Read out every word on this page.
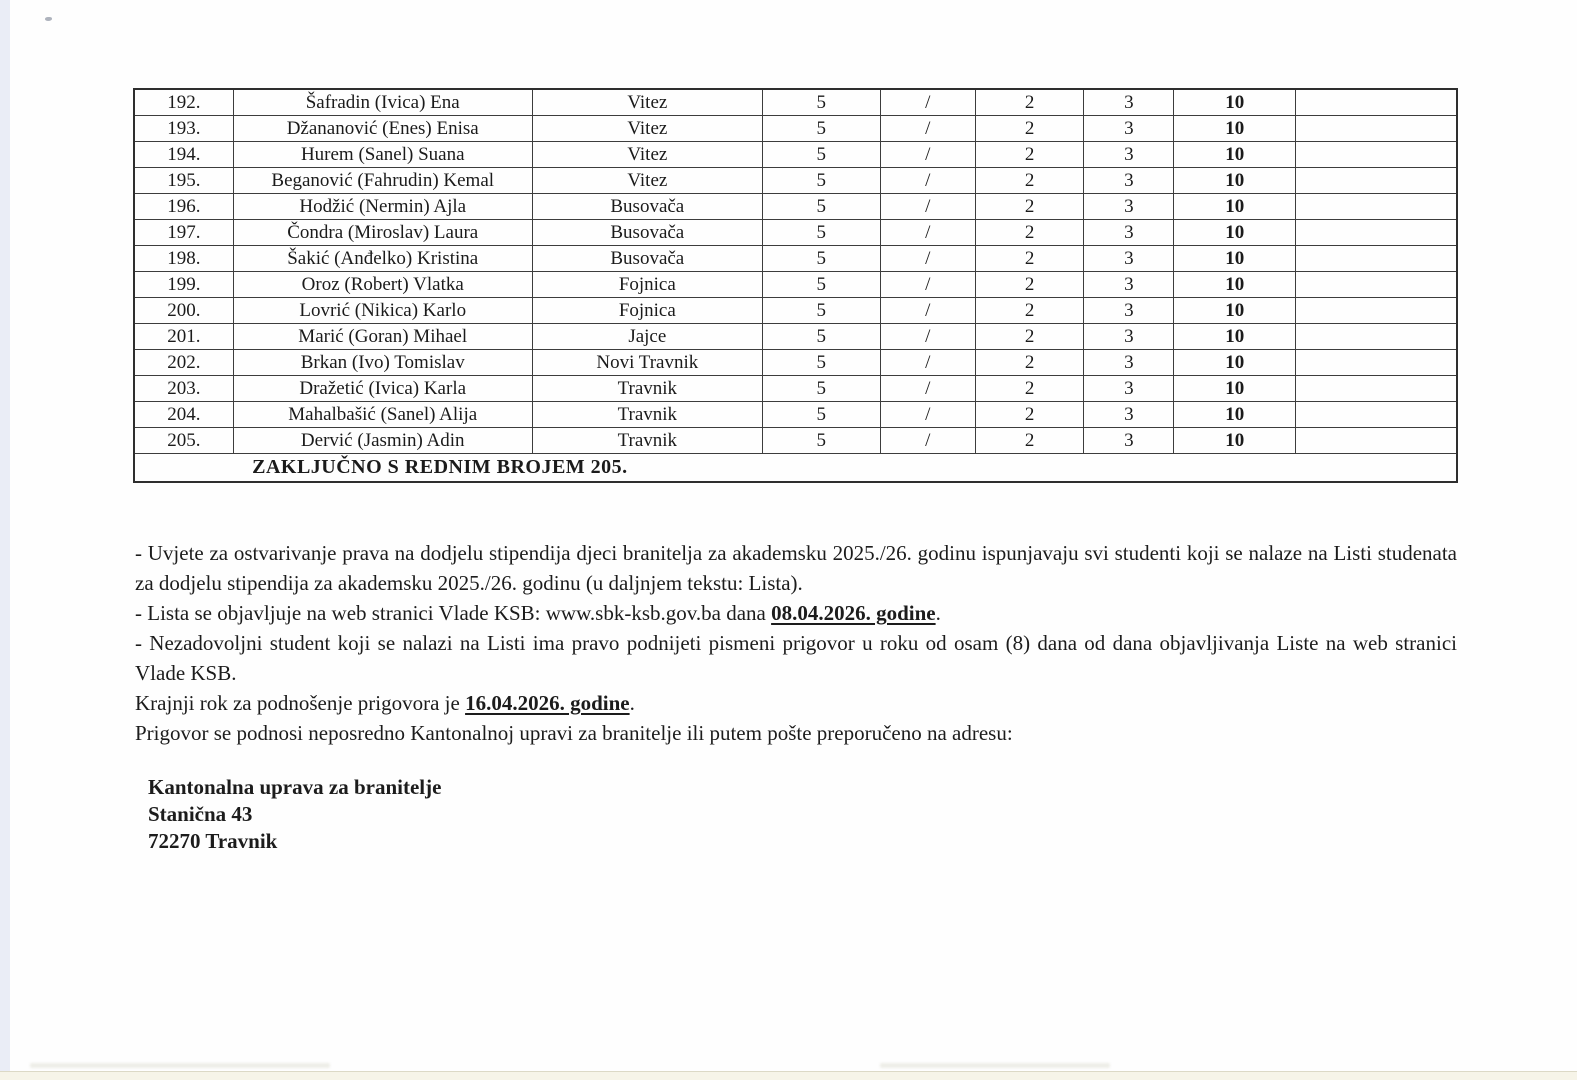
192.	Šafradin (Ivica) Ena	Vitez	5	/	2	3	10	
193.	Džananović (Enes) Enisa	Vitez	5	/	2	3	10	
194.	Hurem (Sanel) Suana	Vitez	5	/	2	3	10	
195.	Beganović (Fahrudin) Kemal	Vitez	5	/	2	3	10	
196.	Hodžić (Nermin) Ajla	Busovača	5	/	2	3	10	
197.	Čondra (Miroslav) Laura	Busovača	5	/	2	3	10	
198.	Šakić (Anđelko) Kristina	Busovača	5	/	2	3	10	
199.	Oroz (Robert) Vlatka	Fojnica	5	/	2	3	10	
200.	Lovrić (Nikica) Karlo	Fojnica	5	/	2	3	10	
201.	Marić (Goran) Mihael	Jajce	5	/	2	3	10	
202.	Brkan (Ivo) Tomislav	Novi Travnik	5	/	2	3	10	
203.	Dražetić (Ivica) Karla	Travnik	5	/	2	3	10	
204.	Mahalbašić (Sanel) Alija	Travnik	5	/	2	3	10	
205.	Dervić (Jasmin) Adin	Travnik	5	/	2	3	10	

ZAKLJUČNO S REDNIM BROJEM 205.								

- Uvjete za ostvarivanje prava na dodjelu stipendija djeci branitelja za akademsku 2025./26. godinu ispunjavaju svi studenti koji se nalaze na Listi studenata za dodjelu stipendija za akademsku 2025./26. godinu (u daljnjem tekstu: Lista).

- Lista se objavljuje na web stranici Vlade KSB: www.sbk-ksb.gov.ba dana 08.04.2026. godine.

- Nezadovoljni student koji se nalazi na Listi ima pravo podnijeti pismeni prigovor u roku od osam (8) dana od dana objavljivanja Liste na web stranici Vlade KSB.
Krajnji rok za podnošenje prigovora je 16.04.2026. godine.

Prigovor se podnosi neposredno Kantonalnoj upravi za branitelje ili putem pošte preporučeno na adresu:

Kantonalna uprava za branitelje
Stanična 43
72270 Travnik
